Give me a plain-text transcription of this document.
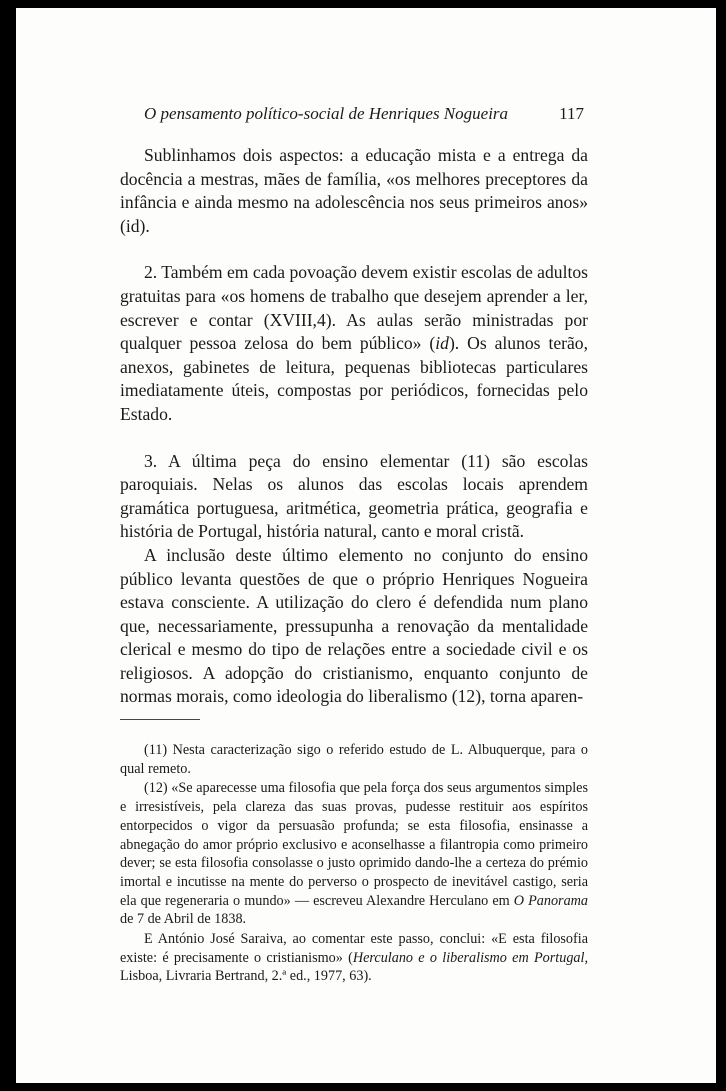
O pensamento político-social de Henriques Nogueira	117

Sublinhamos dois aspectos: a educação mista e a entrega da docência a mestras, mães de família, «os melhores preceptores da infância e ainda mesmo na adolescência nos seus primeiros anos» (id).

2. Também em cada povoação devem existir escolas de adultos gratuitas para «os homens de trabalho que desejem aprender a ler, escrever e contar (XVIII,4). As aulas serão ministradas por qualquer pessoa zelosa do bem público» (id). Os alunos terão, anexos, gabinetes de leitura, pequenas bibliotecas particulares imediatamente úteis, compostas por periódicos, fornecidas pelo Estado.

3. A última peça do ensino elementar (11) são escolas paroquiais. Nelas os alunos das escolas locais aprendem gramática portuguesa, aritmética, geometria prática, geografia e história de Portugal, história natural, canto e moral cristã.

A inclusão deste último elemento no conjunto do ensino público levanta questões de que o próprio Henriques Nogueira estava consciente. A utilização do clero é defendida num plano que, necessariamente, pressupunha a renovação da mentalidade clerical e mesmo do tipo de relações entre a sociedade civil e os religiosos. A adopção do cristianismo, enquanto conjunto de normas morais, como ideologia do liberalismo (12), torna aparen-

(11) Nesta caracterização sigo o referido estudo de L. Albuquerque, para o qual remeto.

(12) «Se aparecesse uma filosofia que pela força dos seus argumentos simples e irresistíveis, pela clareza das suas provas, pudesse restituir aos espíritos entorpecidos o vigor da persuasão profunda; se esta filosofia, ensinasse a abnegação do amor próprio exclusivo e aconselhasse a filantropia como primeiro dever; se esta filosofia consolasse o justo oprimido dando-lhe a certeza do prémio imortal e incutisse na mente do perverso o prospecto de inevitável castigo, seria ela que regeneraria o mundo» — escreveu Alexandre Herculano em O Panorama de 7 de Abril de 1838.

E António José Saraiva, ao comentar este passo, conclui: «E esta filosofia existe: é precisamente o cristianismo» (Herculano e o liberalismo em Portugal, Lisboa, Livraria Bertrand, 2.ª ed., 1977, 63).
